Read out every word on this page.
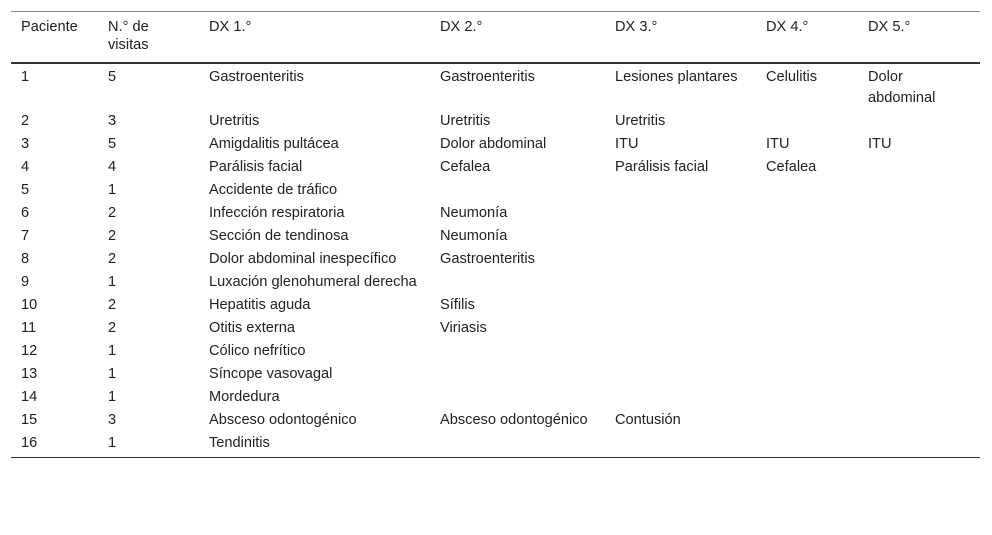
Paciente	N.° de visitas	DX 1.°	DX 2.°	DX 3.°	DX 4.°	DX 5.°
1	5	Gastroenteritis	Gastroenteritis	Lesiones plantares	Celulitis	Dolor abdominal
2	3	Uretritis	Uretritis	Uretritis		
3	5	Amigdalitis pultácea	Dolor abdominal	ITU	ITU	ITU
4	4	Parálisis facial	Cefalea	Parálisis facial	Cefalea	
5	1	Accidente de tráfico				
6	2	Infección respiratoria	Neumonía			
7	2	Sección de tendinosa	Neumonía			
8	2	Dolor abdominal inespecífico	Gastroenteritis			
9	1	Luxación glenohumeral derecha				
10	2	Hepatitis aguda	Sífilis			
11	2	Otitis externa	Viriasis			
12	1	Cólico nefrítico				
13	1	Síncope vasovagal				
14	1	Mordedura				
15	3	Absceso odontogénico	Absceso odontogénico	Contusión		
16	1	Tendinitis				
